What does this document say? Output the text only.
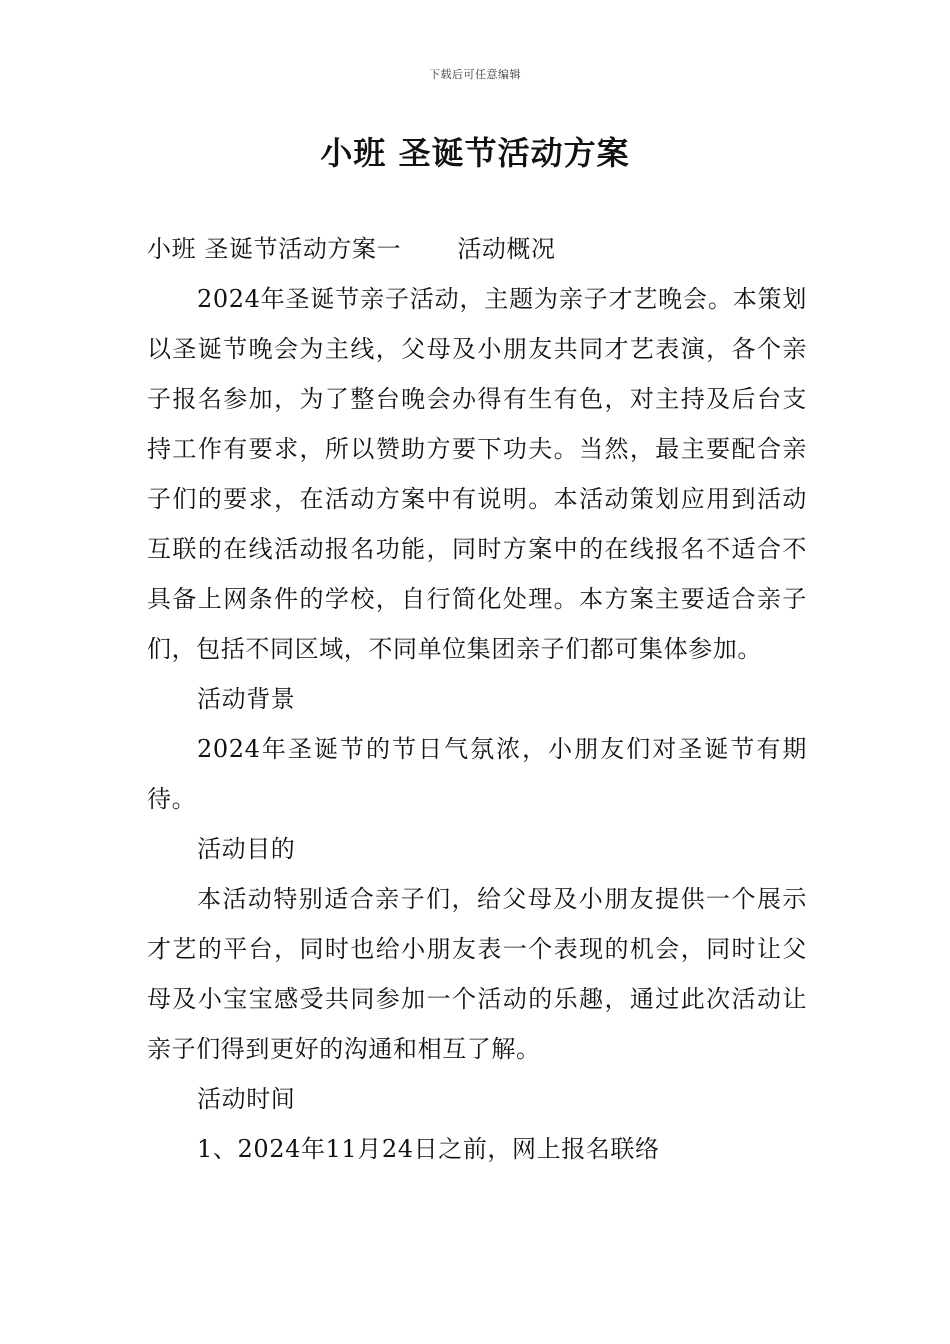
下载后可任意编辑
小班 圣诞节活动方案

小班 圣诞节活动方案一 活动概况

2024年圣诞节亲子活动，主题为亲子才艺晚会。本策划以圣诞节晚会为主线，父母及小朋友共同才艺表演，各个亲子报名参加，为了整台晚会办得有生有色，对主持及后台支持工作有要求，所以赞助方要下功夫。当然，最主要配合亲子们的要求，在活动方案中有说明。本活动策划应用到活动互联的在线活动报名功能，同时方案中的在线报名不适合不具备上网条件的学校，自行简化处理。本方案主要适合亲子们，包括不同区域，不同单位集团亲子们都可集体参加。

活动背景

2024年圣诞节的节日气氛浓，小朋友们对圣诞节有期待。

活动目的

本活动特别适合亲子们，给父母及小朋友提供一个展示才艺的平台，同时也给小朋友表一个表现的机会，同时让父母及小宝宝感受共同参加一个活动的乐趣，通过此次活动让亲子们得到更好的沟通和相互了解。

活动时间

1、2024年11月24日之前，网上报名联络
